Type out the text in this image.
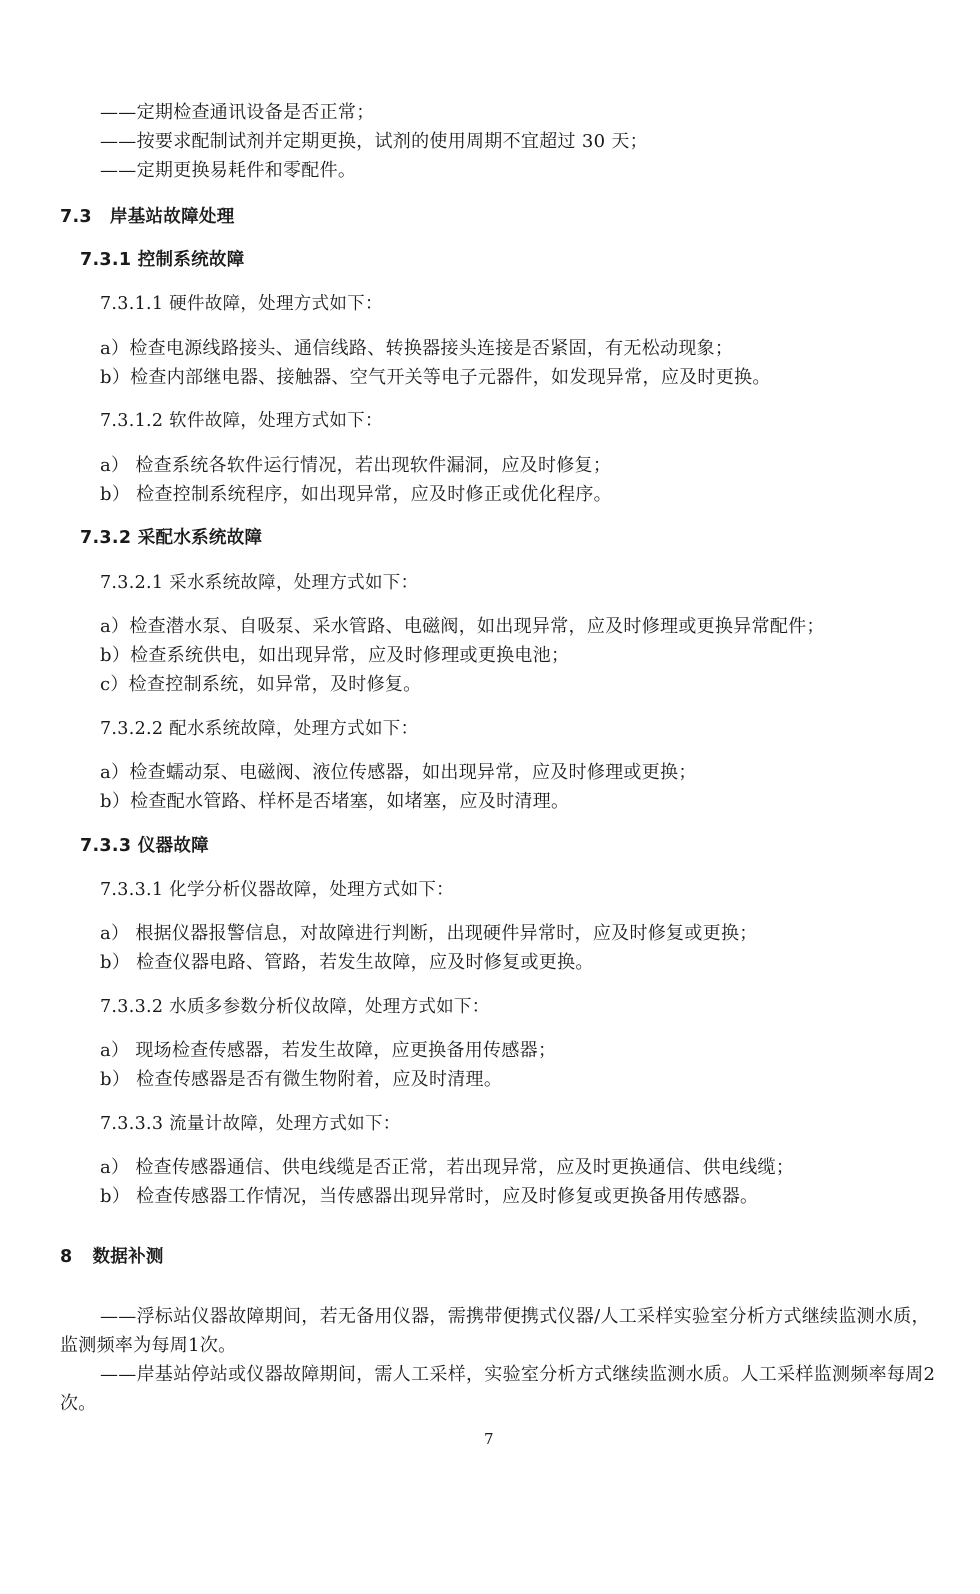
——定期检查通讯设备是否正常；
——按要求配制试剂并定期更换，试剂的使用周期不宜超过 30 天；
——定期更换易耗件和零配件。
7.3 岸基站故障处理
7.3.1 控制系统故障
7.3.1.1 硬件故障，处理方式如下：
a）检查电源线路接头、通信线路、转换器接头连接是否紧固，有无松动现象；
b）检查内部继电器、接触器、空气开关等电子元器件，如发现异常，应及时更换。
7.3.1.2 软件故障，处理方式如下：
a） 检查系统各软件运行情况，若出现软件漏洞，应及时修复；
b） 检查控制系统程序，如出现异常，应及时修正或优化程序。
7.3.2 采配水系统故障
7.3.2.1 采水系统故障，处理方式如下：
a）检查潜水泵、自吸泵、采水管路、电磁阀，如出现异常，应及时修理或更换异常配件；
b）检查系统供电，如出现异常，应及时修理或更换电池；
c）检查控制系统，如异常，及时修复。
7.3.2.2 配水系统故障，处理方式如下：
a）检查蠕动泵、电磁阀、液位传感器，如出现异常，应及时修理或更换；
b）检查配水管路、样杯是否堵塞，如堵塞，应及时清理。
7.3.3 仪器故障
7.3.3.1 化学分析仪器故障，处理方式如下：
a） 根据仪器报警信息，对故障进行判断，出现硬件异常时，应及时修复或更换；
b） 检查仪器电路、管路，若发生故障，应及时修复或更换。
7.3.3.2 水质多参数分析仪故障，处理方式如下：
a） 现场检查传感器，若发生故障，应更换备用传感器；
b） 检查传感器是否有微生物附着，应及时清理。
7.3.3.3 流量计故障，处理方式如下：
a） 检查传感器通信、供电线缆是否正常，若出现异常，应及时更换通信、供电线缆；
b） 检查传感器工作情况，当传感器出现异常时，应及时修复或更换备用传感器。
8 数据补测
——浮标站仪器故障期间，若无备用仪器，需携带便携式仪器/人工采样实验室分析方式继续监测水质，监测频率为每周1次。
——岸基站停站或仪器故障期间，需人工采样，实验室分析方式继续监测水质。人工采样监测频率每周2次。
7
